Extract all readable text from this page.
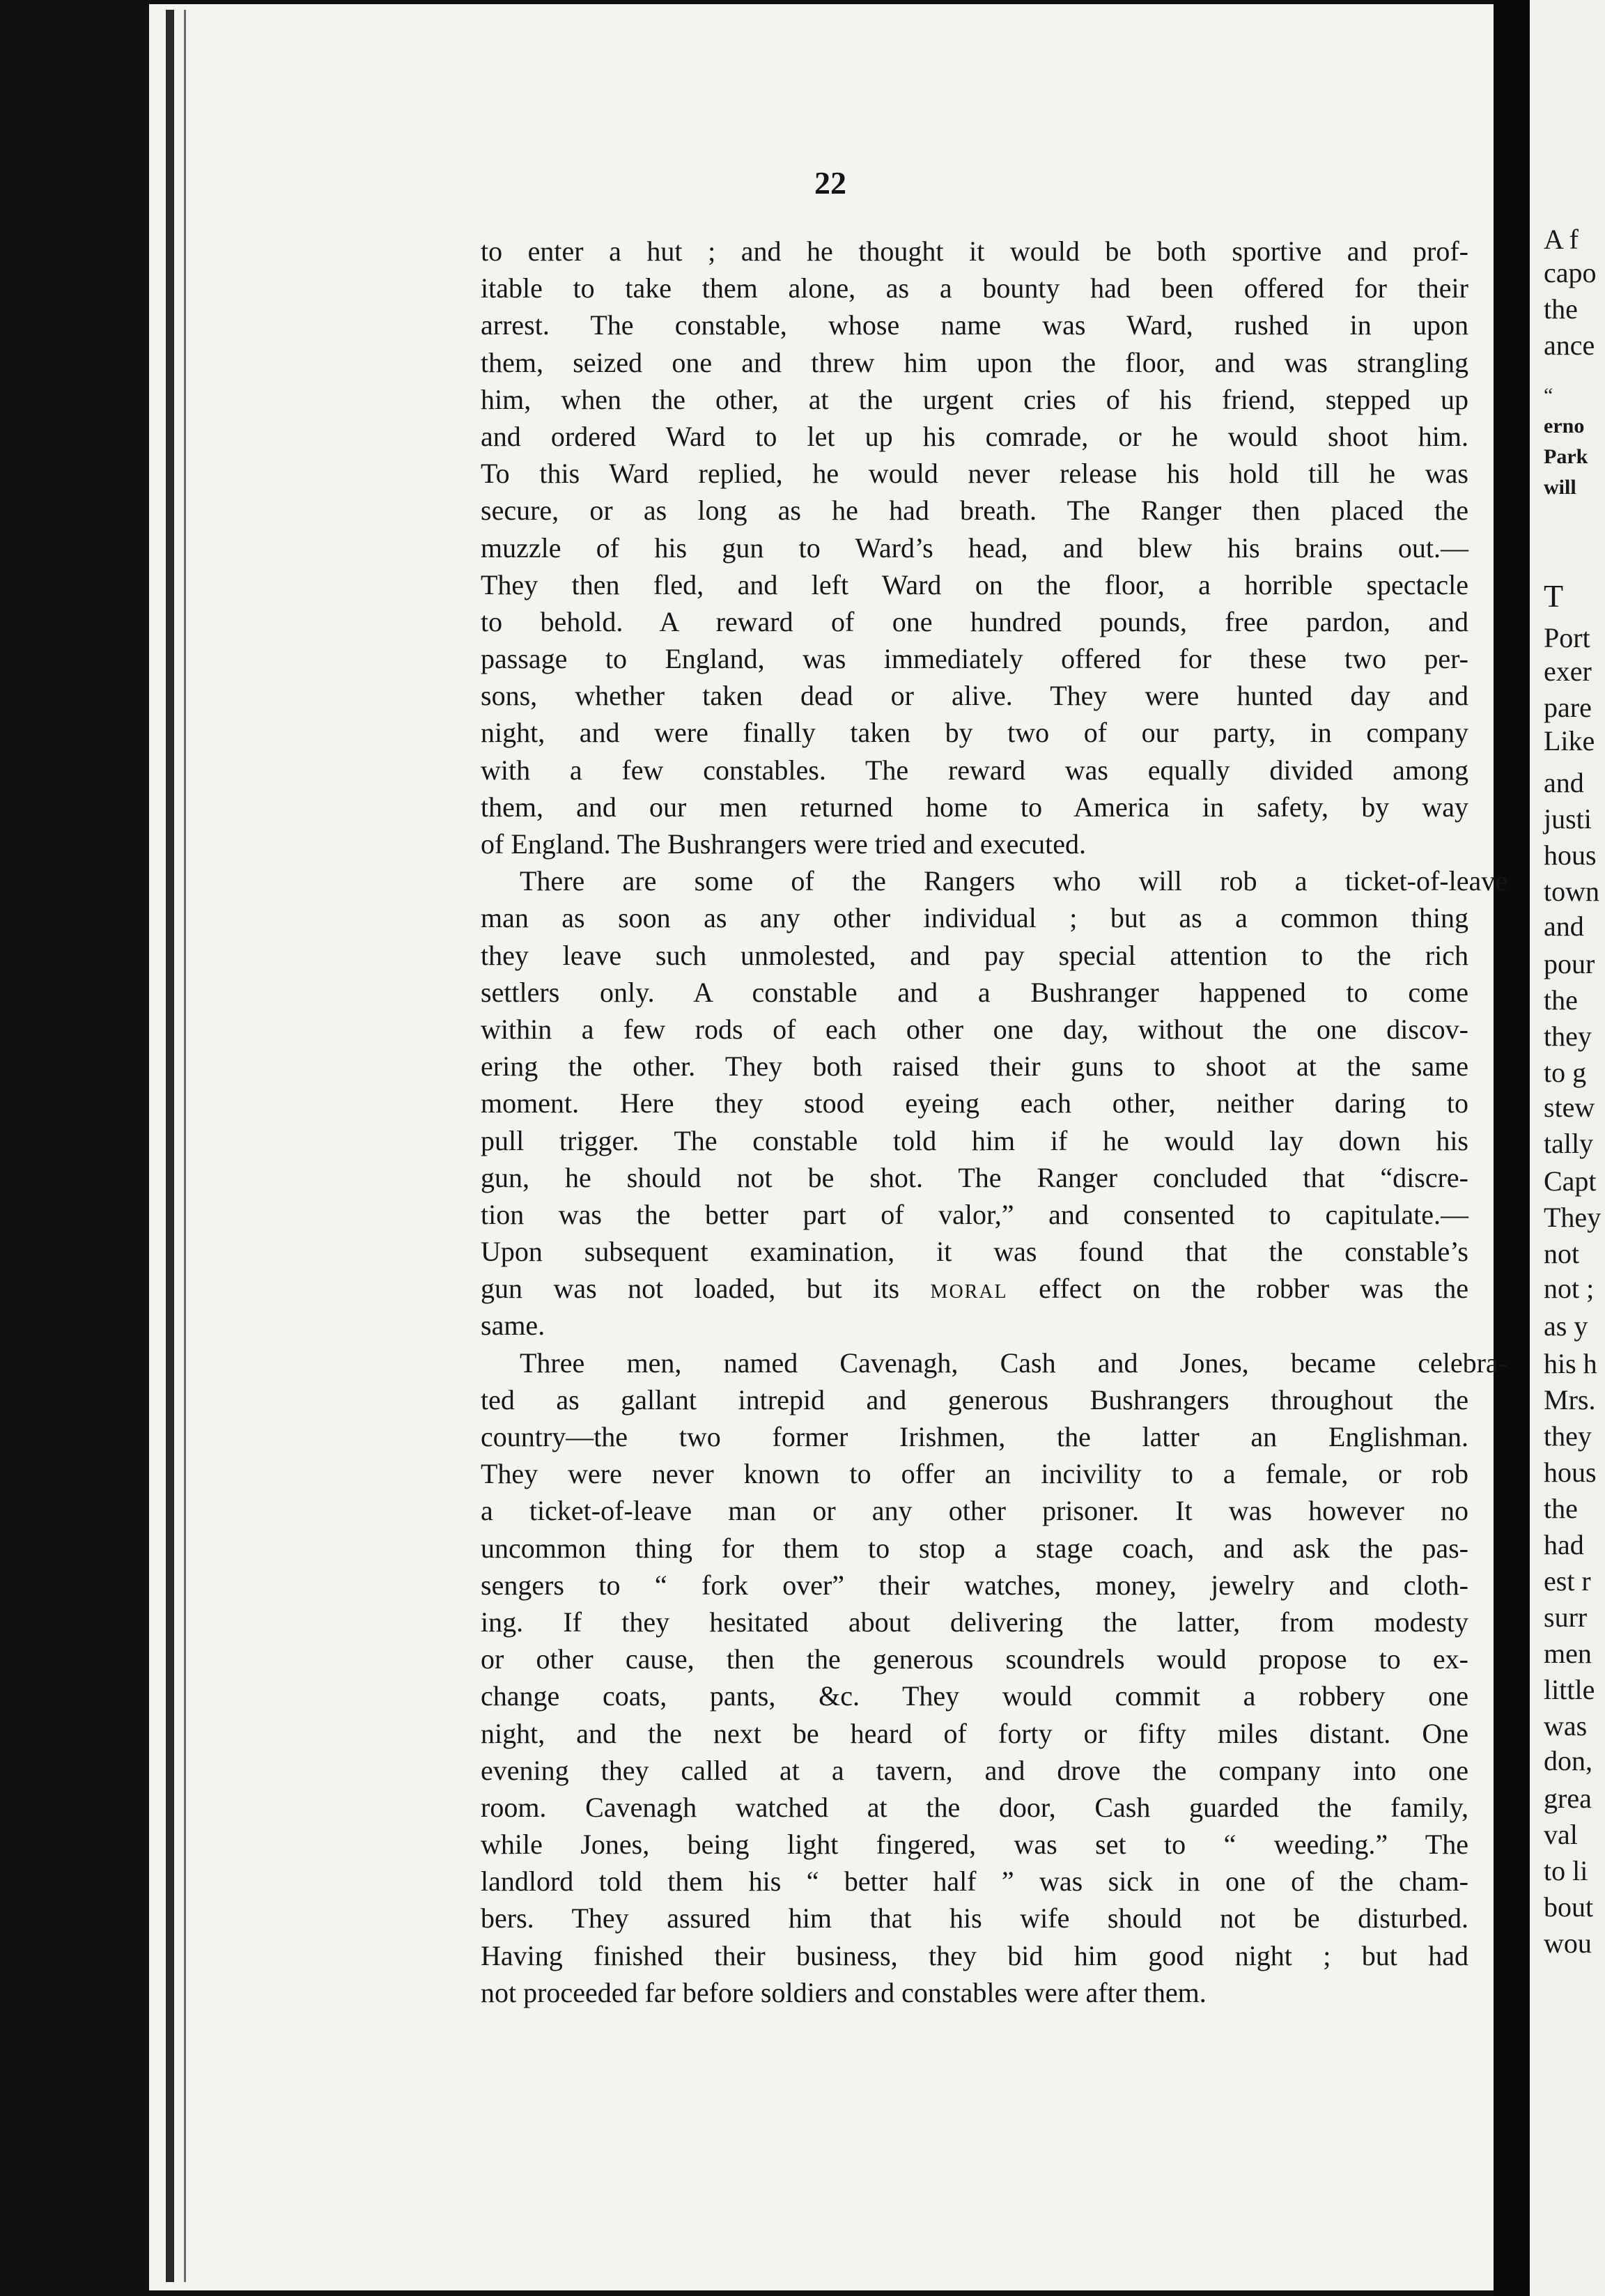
A f
capo
the
ance
“
erno
Park
will
T
Port
exer
pare
Like
and
justi
hous
town
and
pour
the
they
to g
stew
tally
Capt
They
not
not ;
as y
his h
Mrs.
they
hous
the
had
est r
surr
men
little
was
don,
grea
val
to li
bout
wou
22
to enter a hut ; and he thought it would be both sportive and prof-
itable to take them alone, as a bounty had been offered for their
arrest. The constable, whose name was Ward, rushed in upon
them, seized one and threw him upon the floor, and was strangling
him, when the other, at the urgent cries of his friend, stepped up
and ordered Ward to let up his comrade, or he would shoot him.
To this Ward replied, he would never release his hold till he was
secure, or as long as he had breath. The Ranger then placed the
muzzle of his gun to Ward’s head, and blew his brains out.—
They then fled, and left Ward on the floor, a horrible spectacle
to behold. A reward of one hundred pounds, free pardon, and
passage to England, was immediately offered for these two per-
sons, whether taken dead or alive. They were hunted day and
night, and were finally taken by two of our party, in company
with a few constables. The reward was equally divided among
them, and our men returned home to America in safety, by way
of England. The Bushrangers were tried and executed.
There are some of the Rangers who will rob a ticket-of-leave
man as soon as any other individual ; but as a common thing
they leave such unmolested, and pay special attention to the rich
settlers only. A constable and a Bushranger happened to come
within a few rods of each other one day, without the one discov-
ering the other. They both raised their guns to shoot at the same
moment. Here they stood eyeing each other, neither daring to
pull trigger. The constable told him if he would lay down his
gun, he should not be shot. The Ranger concluded that “discre-
tion was the better part of valor,” and consented to capitulate.—
Upon subsequent examination, it was found that the constable’s
gun was not loaded, but its moral effect on the robber was the
same.
Three men, named Cavenagh, Cash and Jones, became celebra-
ted as gallant intrepid and generous Bushrangers throughout the
country—the two former Irishmen, the latter an Englishman.
They were never known to offer an incivility to a female, or rob
a ticket-of-leave man or any other prisoner. It was however no
uncommon thing for them to stop a stage coach, and ask the pas-
sengers to “ fork over” their watches, money, jewelry and cloth-
ing. If they hesitated about delivering the latter, from modesty
or other cause, then the generous scoundrels would propose to ex-
change coats, pants, &c. They would commit a robbery one
night, and the next be heard of forty or fifty miles distant. One
evening they called at a tavern, and drove the company into one
room. Cavenagh watched at the door, Cash guarded the family,
while Jones, being light fingered, was set to “ weeding.” The
landlord told them his “ better half ” was sick in one of the cham-
bers. They assured him that his wife should not be disturbed.
Having finished their business, they bid him good night ; but had
not proceeded far before soldiers and constables were after them.
